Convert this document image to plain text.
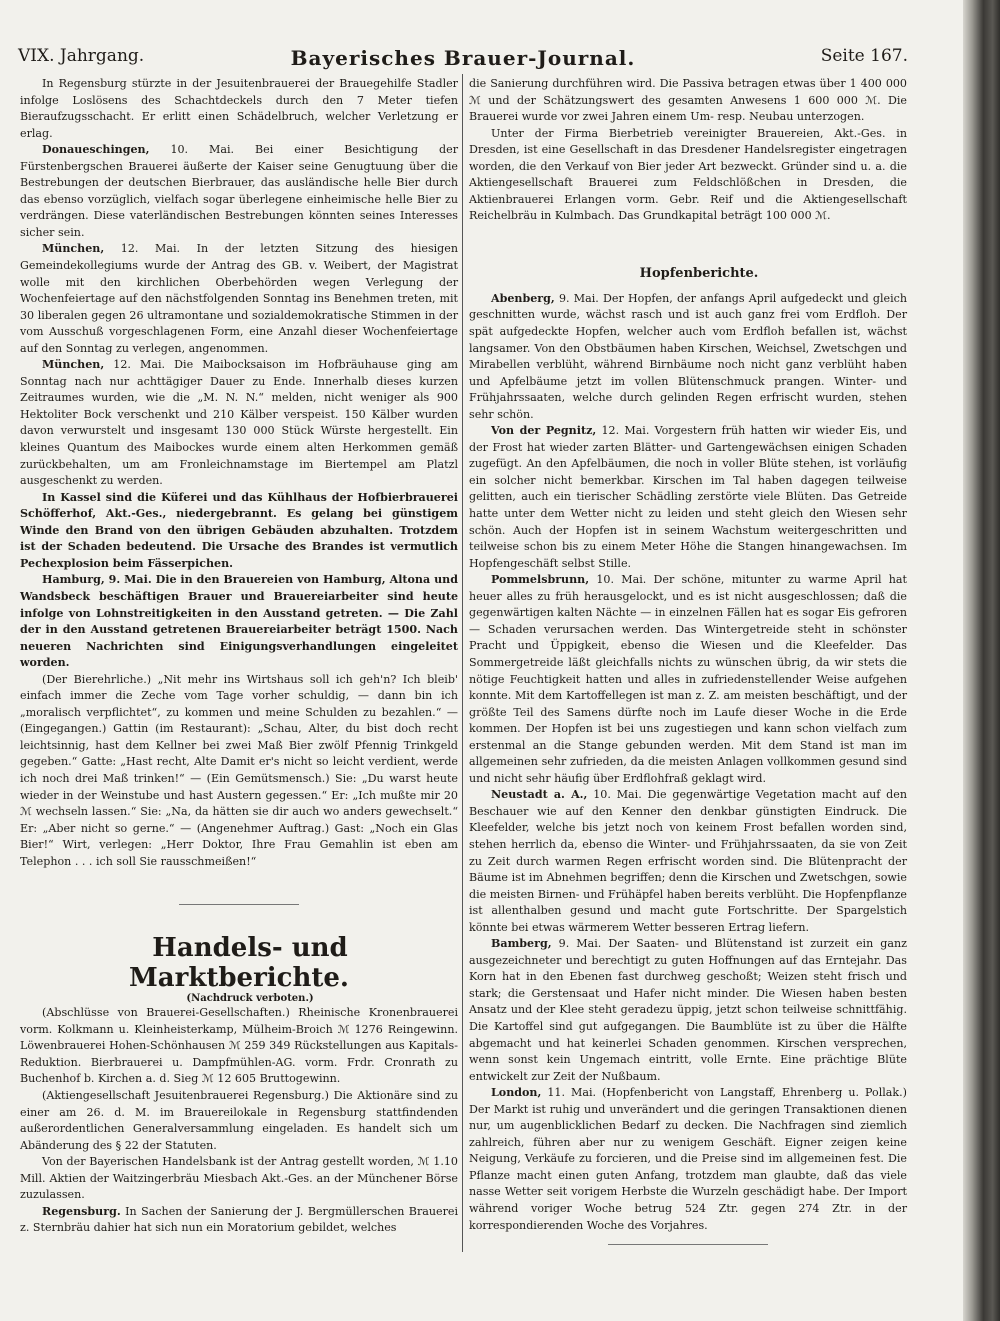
VIX. Jahrgang.	Bayerisches Brauer-Journal.	Seite 167.

In Regensburg stürzte in der Jesuitenbrauerei der Brauegehilfe Stadler infolge Loslösens des Schachtdeckels durch den 7 Meter tiefen Bieraufzugsschacht. Er erlitt einen Schädelbruch, welcher Verletzung er erlag.

Donaueschingen, 10. Mai. Bei einer Besichtigung der Fürstenbergschen Brauerei äußerte der Kaiser seine Genugtuung über die Bestrebungen der deutschen Bierbrauer, das ausländische helle Bier durch das ebenso vorzüglich, vielfach sogar überlegene einheimische helle Bier zu verdrängen. Diese vaterländischen Bestrebungen könnten seines Interesses sicher sein.

München, 12. Mai. In der letzten Sitzung des hiesigen Gemeindekollegiums wurde der Antrag des GB. v. Weibert, der Magistrat wolle mit den kirchlichen Oberbehörden wegen Verlegung der Wochenfeiertage auf den nächstfolgenden Sonntag ins Benehmen treten, mit 30 liberalen gegen 26 ultramontane und sozialdemokratische Stimmen in der vom Ausschuß vorgeschlagenen Form, eine Anzahl dieser Wochenfeiertage auf den Sonntag zu verlegen, angenommen.

München, 12. Mai. Die Maibocksaison im Hofbräuhause ging am Sonntag nach nur achttägiger Dauer zu Ende. Innerhalb dieses kurzen Zeitraumes wurden, wie die „M. N. N.“ melden, nicht weniger als 900 Hektoliter Bock verschenkt und 210 Kälber verspeist. 150 Kälber wurden davon verwurstelt und insgesamt 130 000 Stück Würste hergestellt. Ein kleines Quantum des Maibockes wurde einem alten Herkommen gemäß zurückbehalten, um am Fronleichnamstage im Biertempel am Platzl ausgeschenkt zu werden.

In Kassel sind die Küferei und das Kühlhaus der Hofbierbrauerei Schöfferhof, Akt.-Ges., niedergebrannt. Es gelang bei günstigem Winde den Brand von den übrigen Gebäuden abzuhalten. Trotzdem ist der Schaden bedeutend. Die Ursache des Brandes ist vermutlich Pechexplosion beim Fässerpichen.

Hamburg, 9. Mai. Die in den Brauereien von Hamburg, Altona und Wandsbeck beschäftigen Brauer und Brauereiarbeiter sind heute infolge von Lohnstreitigkeiten in den Ausstand getreten. — Die Zahl der in den Ausstand getretenen Brauereiarbeiter beträgt 1500. Nach neueren Nachrichten sind Einigungsverhandlungen eingeleitet worden.

(Der Bierehrliche.) „Nit mehr ins Wirtshaus soll ich geh'n? Ich bleib' einfach immer die Zeche vom Tage vorher schuldig, — dann bin ich „moralisch verpflichtet“, zu kommen und meine Schulden zu bezahlen.“ — (Eingegangen.) Gattin (im Restaurant): „Schau, Alter, du bist doch recht leichtsinnig, hast dem Kellner bei zwei Maß Bier zwölf Pfennig Trinkgeld gegeben.“ Gatte: „Hast recht, Alte Damit er's nicht so leicht verdient, werde ich noch drei Maß trinken!“ — (Ein Gemütsmensch.) Sie: „Du warst heute wieder in der Weinstube und hast Austern gegessen.“ Er: „Ich mußte mir 20 ℳ wechseln lassen.“ Sie: „Na, da hätten sie dir auch wo anders gewechselt.“ Er: „Aber nicht so gerne.“ — (Angenehmer Auftrag.) Gast: „Noch ein Glas Bier!“ Wirt, verlegen: „Herr Doktor, Ihre Frau Gemahlin ist eben am Telephon . . . ich soll Sie rausschmeißen!“

Handels- und Marktberichte.

(Nachdruck verboten.)

(Abschlüsse von Brauerei-Gesellschaften.) Rheinische Kronenbrauerei vorm. Kolkmann u. Kleinheisterkamp, Mülheim-Broich ℳ 1276 Reingewinn. Löwenbrauerei Hohen-Schönhausen ℳ 259 349 Rückstellungen aus Kapitals-Reduktion. Bierbrauerei u. Dampfmühlen-AG. vorm. Frdr. Cronrath zu Buchenhof b. Kirchen a. d. Sieg ℳ 12 605 Bruttogewinn.

(Aktiengesellschaft Jesuitenbrauerei Regensburg.) Die Aktionäre sind zu einer am 26. d. M. im Brauereilokale in Regensburg stattfindenden außerordentlichen Generalversammlung eingeladen. Es handelt sich um Abänderung des § 22 der Statuten.

Von der Bayerischen Handelsbank ist der Antrag gestellt worden, ℳ 1.10 Mill. Aktien der Waitzingerbräu Miesbach Akt.-Ges. an der Münchener Börse zuzulassen.

Regensburg. In Sachen der Sanierung der J. Bergmüllerschen Brauerei z. Sternbräu dahier hat sich nun ein Moratorium gebildet, welches

die Sanierung durchführen wird. Die Passiva betragen etwas über 1 400 000 ℳ und der Schätzungswert des gesamten Anwesens 1 600 000 ℳ. Die Brauerei wurde vor zwei Jahren einem Um- resp. Neubau unterzogen.

Unter der Firma Bierbetrieb vereinigter Brauereien, Akt.-Ges. in Dresden, ist eine Gesellschaft in das Dresdener Handelsregister eingetragen worden, die den Verkauf von Bier jeder Art bezweckt. Gründer sind u. a. die Aktiengesellschaft Brauerei zum Feldschlößchen in Dresden, die Aktienbrauerei Erlangen vorm. Gebr. Reif und die Aktiengesellschaft Reichelbräu in Kulmbach. Das Grundkapital beträgt 100 000 ℳ.

Hopfenberichte.

Abenberg, 9. Mai. Der Hopfen, der anfangs April aufgedeckt und gleich geschnitten wurde, wächst rasch und ist auch ganz frei vom Erdfloh. Der spät aufgedeckte Hopfen, welcher auch vom Erdfloh befallen ist, wächst langsamer. Von den Obstbäumen haben Kirschen, Weichsel, Zwetschgen und Mirabellen verblüht, während Birnbäume noch nicht ganz verblüht haben und Apfelbäume jetzt im vollen Blütenschmuck prangen. Winter- und Frühjahrssaaten, welche durch gelinden Regen erfrischt wurden, stehen sehr schön.

Von der Pegnitz, 12. Mai. Vorgestern früh hatten wir wieder Eis, und der Frost hat wieder zarten Blätter- und Gartengewächsen einigen Schaden zugefügt. An den Apfelbäumen, die noch in voller Blüte stehen, ist vorläufig ein solcher nicht bemerkbar. Kirschen im Tal haben dagegen teilweise gelitten, auch ein tierischer Schädling zerstörte viele Blüten. Das Getreide hatte unter dem Wetter nicht zu leiden und steht gleich den Wiesen sehr schön. Auch der Hopfen ist in seinem Wachstum weitergeschritten und teilweise schon bis zu einem Meter Höhe die Stangen hinangewachsen. Im Hopfengeschäft selbst Stille.

Pommelsbrunn, 10. Mai. Der schöne, mitunter zu warme April hat heuer alles zu früh herausgelockt, und es ist nicht ausgeschlossen; daß die gegenwärtigen kalten Nächte — in einzelnen Fällen hat es sogar Eis gefroren — Schaden verursachen werden. Das Wintergetreide steht in schönster Pracht und Üppigkeit, ebenso die Wiesen und die Kleefelder. Das Sommergetreide läßt gleichfalls nichts zu wünschen übrig, da wir stets die nötige Feuchtigkeit hatten und alles in zufriedenstellender Weise aufgehen konnte. Mit dem Kartoffellegen ist man z. Z. am meisten beschäftigt, und der größte Teil des Samens dürfte noch im Laufe dieser Woche in die Erde kommen. Der Hopfen ist bei uns zugestiegen und kann schon vielfach zum erstenmal an die Stange gebunden werden. Mit dem Stand ist man im allgemeinen sehr zufrieden, da die meisten Anlagen vollkommen gesund sind und nicht sehr häufig über Erdflohfraß geklagt wird.

Neustadt a. A., 10. Mai. Die gegenwärtige Vegetation macht auf den Beschauer wie auf den Kenner den denkbar günstigten Eindruck. Die Kleefelder, welche bis jetzt noch von keinem Frost befallen worden sind, stehen herrlich da, ebenso die Winter- und Frühjahrssaaten, da sie von Zeit zu Zeit durch warmen Regen erfrischt worden sind. Die Blütenpracht der Bäume ist im Abnehmen begriffen; denn die Kirschen und Zwetschgen, sowie die meisten Birnen- und Frühäpfel haben bereits verblüht. Die Hopfenpflanze ist allenthalben gesund und macht gute Fortschritte. Der Spargelstich könnte bei etwas wärmerem Wetter besseren Ertrag liefern.

Bamberg, 9. Mai. Der Saaten- und Blütenstand ist zurzeit ein ganz ausgezeichneter und berechtigt zu guten Hoffnungen auf das Erntejahr. Das Korn hat in den Ebenen fast durchweg geschoßt; Weizen steht frisch und stark; die Gerstensaat und Hafer nicht minder. Die Wiesen haben besten Ansatz und der Klee steht geradezu üppig, jetzt schon teilweise schnittfähig. Die Kartoffel sind gut aufgegangen. Die Baumblüte ist zu über die Hälfte abgemacht und hat keinerlei Schaden genommen. Kirschen versprechen, wenn sonst kein Ungemach eintritt, volle Ernte. Eine prächtige Blüte entwickelt zur Zeit der Nußbaum.

London, 11. Mai. (Hopfenbericht von Langstaff, Ehrenberg u. Pollak.) Der Markt ist ruhig und unverändert und die geringen Transaktionen dienen nur, um augenblicklichen Bedarf zu decken. Die Nachfragen sind ziemlich zahlreich, führen aber nur zu wenigem Geschäft. Eigner zeigen keine Neigung, Verkäufe zu forcieren, und die Preise sind im allgemeinen fest. Die Pflanze macht einen guten Anfang, trotzdem man glaubte, daß das viele nasse Wetter seit vorigem Herbste die Wurzeln geschädigt habe. Der Import während voriger Woche betrug 524 Ztr. gegen 274 Ztr. in der korrespondierenden Woche des Vorjahres.
